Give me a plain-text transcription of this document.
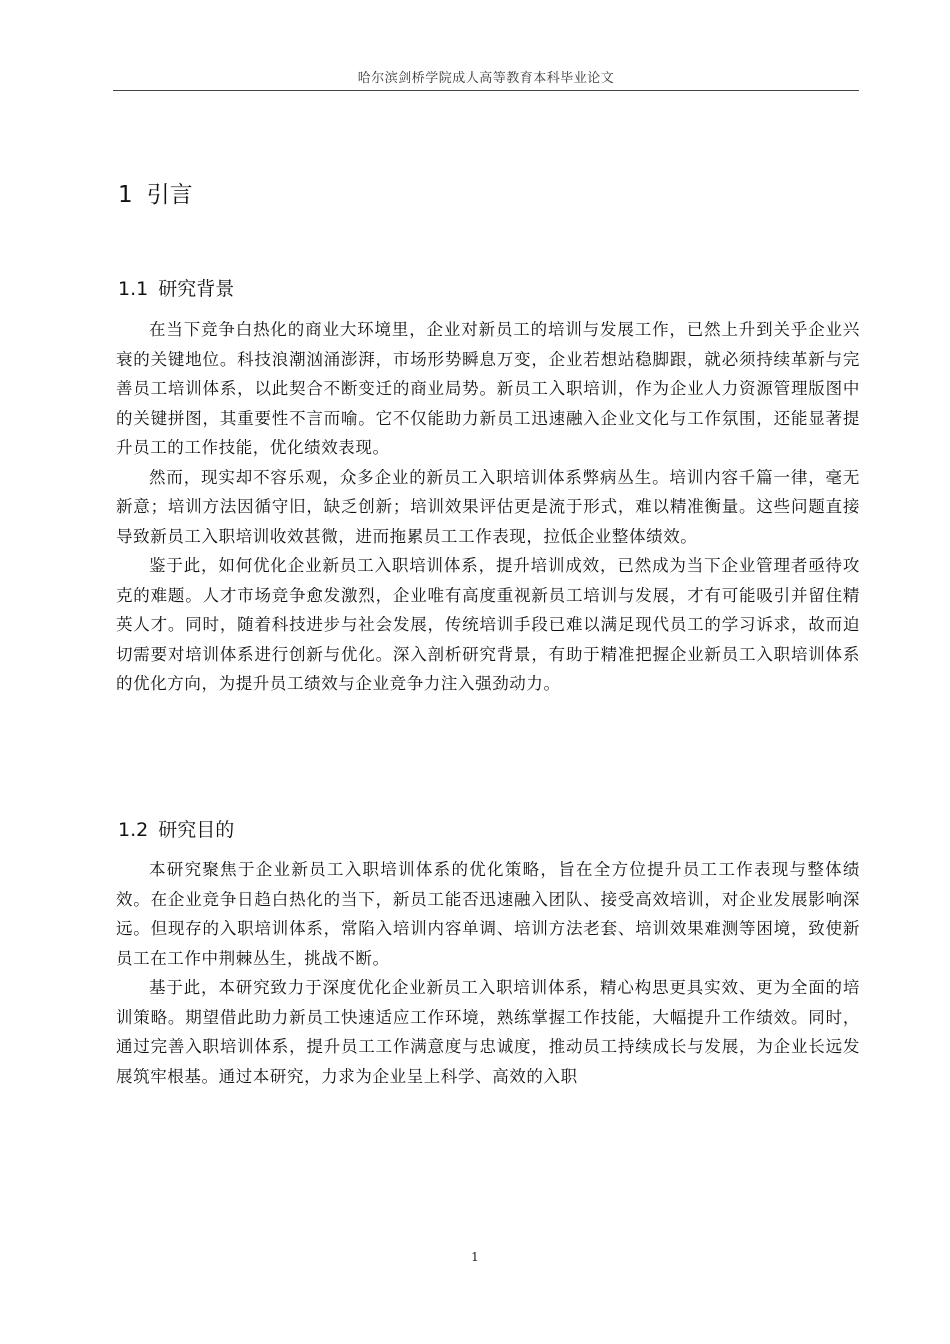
哈尔滨剑桥学院成人高等教育本科毕业论文
1 引言
1.1 研究背景

在当下竞争白热化的商业大环境里，企业对新员工的培训与发展工作，已然上升到关乎企业兴衰的关键地位。科技浪潮汹涌澎湃，市场形势瞬息万变，企业若想站稳脚跟，就必须持续革新与完善员工培训体系，以此契合不断变迁的商业局势。新员工入职培训，作为企业人力资源管理版图中的关键拼图，其重要性不言而喻。它不仅能助力新员工迅速融入企业文化与工作氛围，还能显著提升员工的工作技能，优化绩效表现。

然而，现实却不容乐观，众多企业的新员工入职培训体系弊病丛生。培训内容千篇一律，毫无新意；培训方法因循守旧，缺乏创新；培训效果评估更是流于形式，难以精准衡量。这些问题直接导致新员工入职培训收效甚微，进而拖累员工工作表现，拉低企业整体绩效。

鉴于此，如何优化企业新员工入职培训体系，提升培训成效，已然成为当下企业管理者亟待攻克的难题。人才市场竞争愈发激烈，企业唯有高度重视新员工培训与发展，才有可能吸引并留住精英人才。同时，随着科技进步与社会发展，传统培训手段已难以满足现代员工的学习诉求，故而迫切需要对培训体系进行创新与优化。深入剖析研究背景，有助于精准把握企业新员工入职培训体系的优化方向，为提升员工绩效与企业竞争力注入强劲动力。

1.2 研究目的

本研究聚焦于企业新员工入职培训体系的优化策略，旨在全方位提升员工工作表现与整体绩效。在企业竞争日趋白热化的当下，新员工能否迅速融入团队、接受高效培训，对企业发展影响深远。但现存的入职培训体系，常陷入培训内容单调、培训方法老套、培训效果难测等困境，致使新员工在工作中荆棘丛生，挑战不断。

基于此，本研究致力于深度优化企业新员工入职培训体系，精心构思更具实效、更为全面的培训策略。期望借此助力新员工快速适应工作环境，熟练掌握工作技能，大幅提升工作绩效。同时，通过完善入职培训体系，提升员工工作满意度与忠诚度，推动员工持续成长与发展，为企业长远发展筑牢根基。通过本研究，力求为企业呈上科学、高效的入职

1
